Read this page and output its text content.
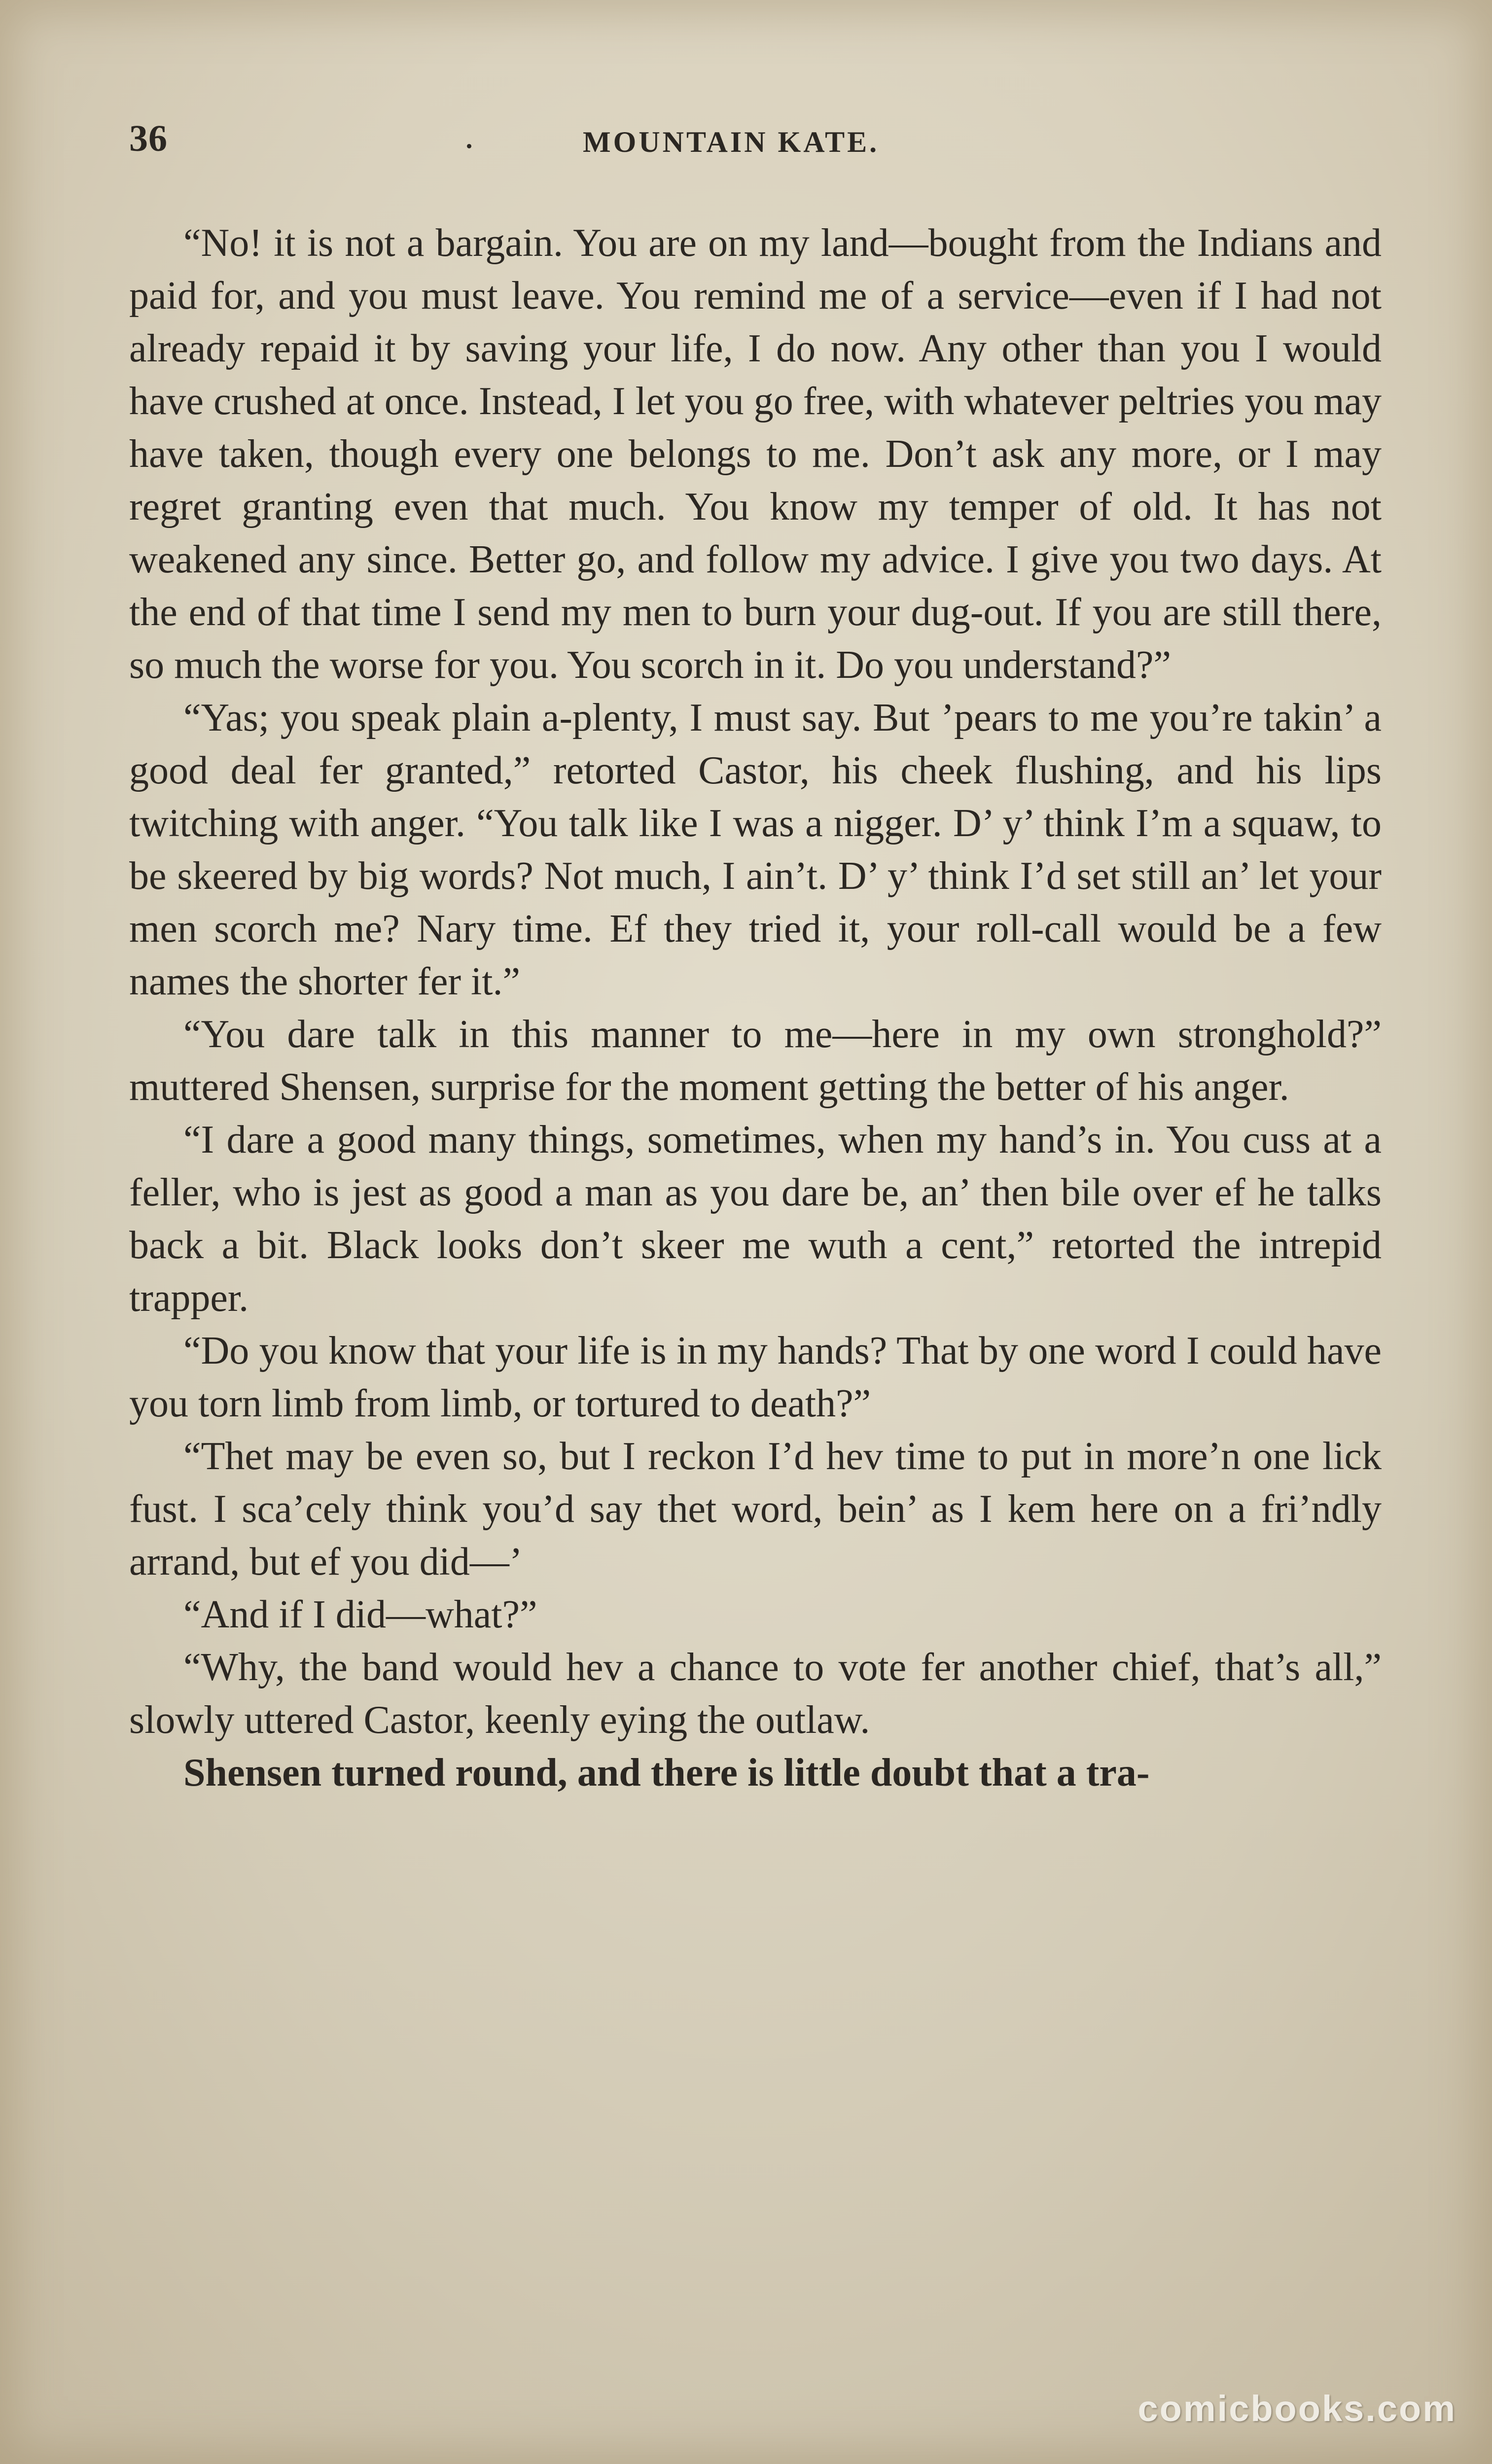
36	.	MOUNTAIN KATE.

“No! it is not a bargain. You are on my land—bought from the Indians and paid for, and you must leave. You remind me of a service—even if I had not already repaid it by saving your life, I do now. Any other than you I would have crushed at once. Instead, I let you go free, with whatever peltries you may have taken, though every one belongs to me. Don’t ask any more, or I may regret granting even that much. You know my temper of old. It has not weakened any since. Better go, and follow my advice. I give you two days. At the end of that time I send my men to burn your dug-out. If you are still there, so much the worse for you. You scorch in it. Do you understand?”

“Yas; you speak plain a-plenty, I must say. But ’pears to me you’re takin’ a good deal fer granted,” retorted Castor, his cheek flushing, and his lips twitching with anger. “You talk like I was a nigger. D’ y’ think I’m a squaw, to be skeered by big words? Not much, I ain’t. D’ y’ think I’d set still an’ let your men scorch me? Nary time. Ef they tried it, your roll-call would be a few names the shorter fer it.”

“You dare talk in this manner to me—here in my own stronghold?” muttered Shensen, surprise for the moment getting the better of his anger.

“I dare a good many things, sometimes, when my hand’s in. You cuss at a feller, who is jest as good a man as you dare be, an’ then bile over ef he talks back a bit. Black looks don’t skeer me wuth a cent,” retorted the intrepid trapper.

“Do you know that your life is in my hands? That by one word I could have you torn limb from limb, or tortured to death?”

“Thet may be even so, but I reckon I’d hev time to put in more’n one lick fust. I sca’cely think you’d say thet word, bein’ as I kem here on a fri’ndly arrand, but ef you did—’

“And if I did—what?”

“Why, the band would hev a chance to vote fer another chief, that’s all,” slowly uttered Castor, keenly eying the outlaw.

Shensen turned round, and there is little doubt that a tra-

comicbooks.com
